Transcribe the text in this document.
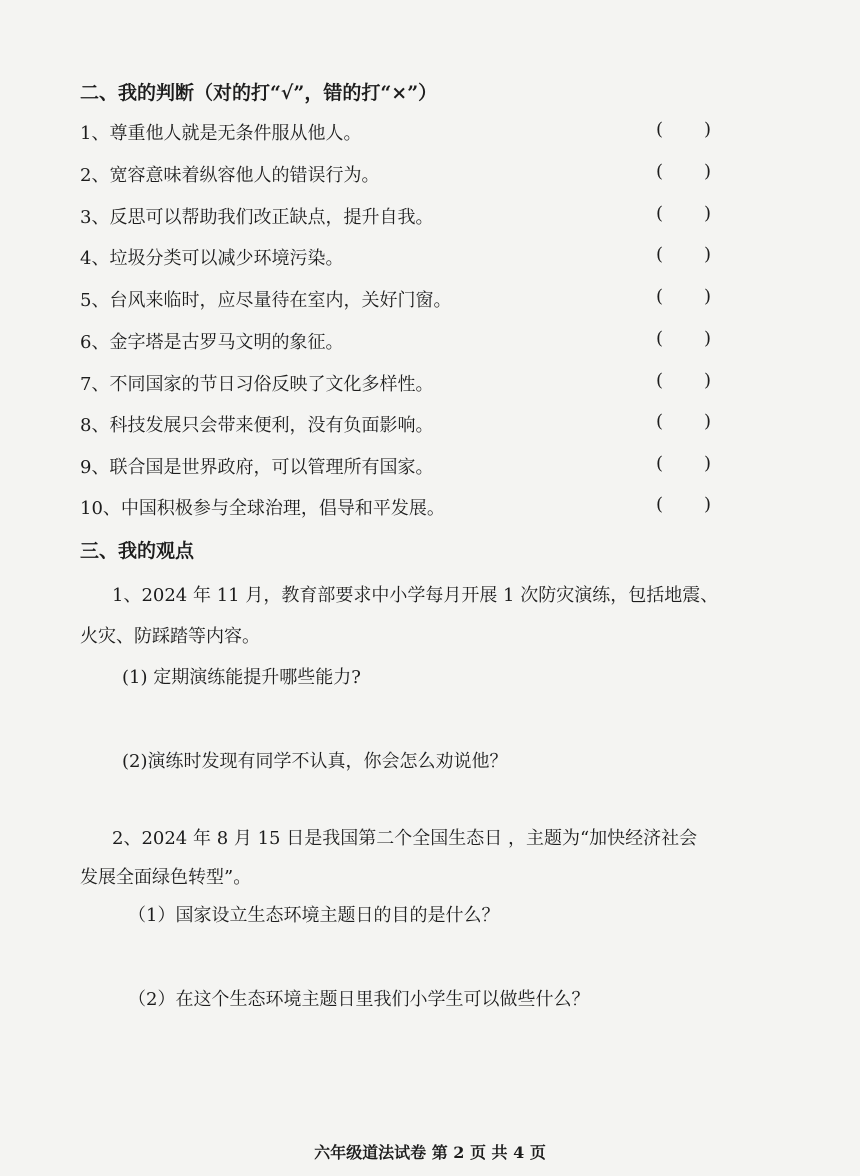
二、我的判断（对的打“√”，错的打“×”）
1、尊重他人就是无条件服从他人。	( )
2、宽容意味着纵容他人的错误行为。	( )
3、反思可以帮助我们改正缺点，提升自我。	( )
4、垃圾分类可以减少环境污染。	( )
5、台风来临时，应尽量待在室内，关好门窗。	( )
6、金字塔是古罗马文明的象征。	( )
7、不同国家的节日习俗反映了文化多样性。	( )
8、科技发展只会带来便利，没有负面影响。	( )
9、联合国是世界政府，可以管理所有国家。	( )
10、中国积极参与全球治理，倡导和平发展。	( )
三、我的观点
1、2024 年 11 月，教育部要求中小学每月开展 1 次防灾演练，包括地震、
火灾、防踩踏等内容。
(1) 定期演练能提升哪些能力?
(2)演练时发现有同学不认真，你会怎么劝说他？
2、2024 年 8 月 15 日是我国第二个全国生态日 ，主题为“加快经济社会
发展全面绿色转型”。
（1）国家设立生态环境主题日的目的是什么？
（2）在这个生态环境主题日里我们小学生可以做些什么？
六年级道法试卷 第 2 页 共 4 页
